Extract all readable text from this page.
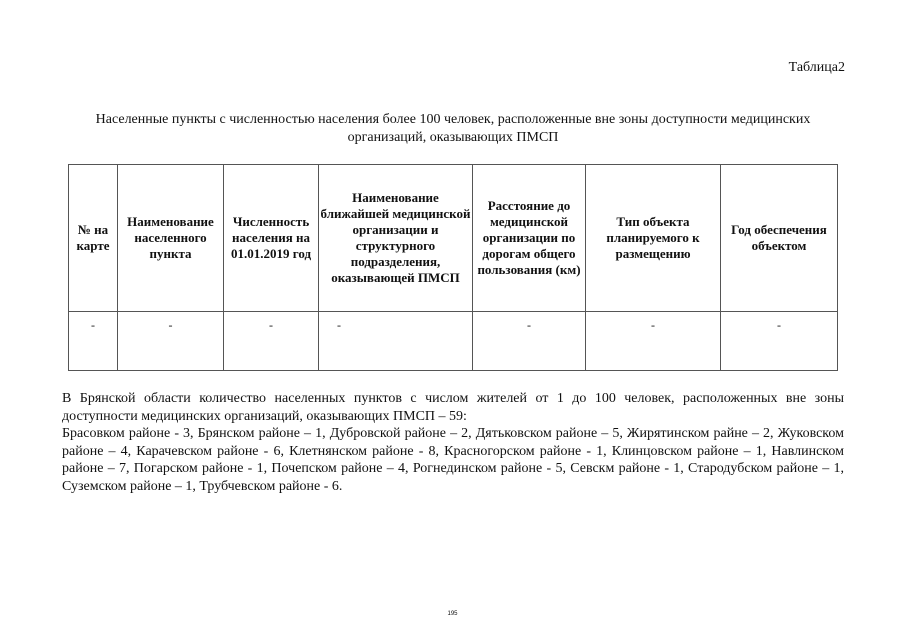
Таблица2
Населенные пункты с численностью населения более 100 человек, расположенные вне зоны доступности медицинских организаций, оказывающих ПМСП
№ на карте	Наименование населенного пункта	Численность населения на 01.01.2019 год	Наименование ближайшей медицинской организации и структурного подразделения, оказывающей ПМСП	Расстояние до медицинской организации по дорогам общего пользования (км)	Тип объекта планируемого к размещению	Год обеспечения объектом
-	-	-	-	-	-	-

В Брянской области количество населенных пунктов с числом жителей от 1 до 100 человек, расположенных вне зоны доступности медицинских организаций, оказывающих ПМСП – 59:

Брасовком районе - 3, Брянском районе – 1, Дубровской районе – 2, Дятьковском районе – 5, Жирятинском райне – 2, Жуковском районе – 4, Карачевском районе - 6, Клетнянском районе - 8, Красногорском районе - 1, Клинцовском районе – 1, Навлинском районе – 7, Погарском районе - 1, Почепском районе – 4, Рогнединском районе - 5, Севскм районе - 1, Стародубском районе – 1, Суземском районе – 1, Трубчевском районе - 6.

195
